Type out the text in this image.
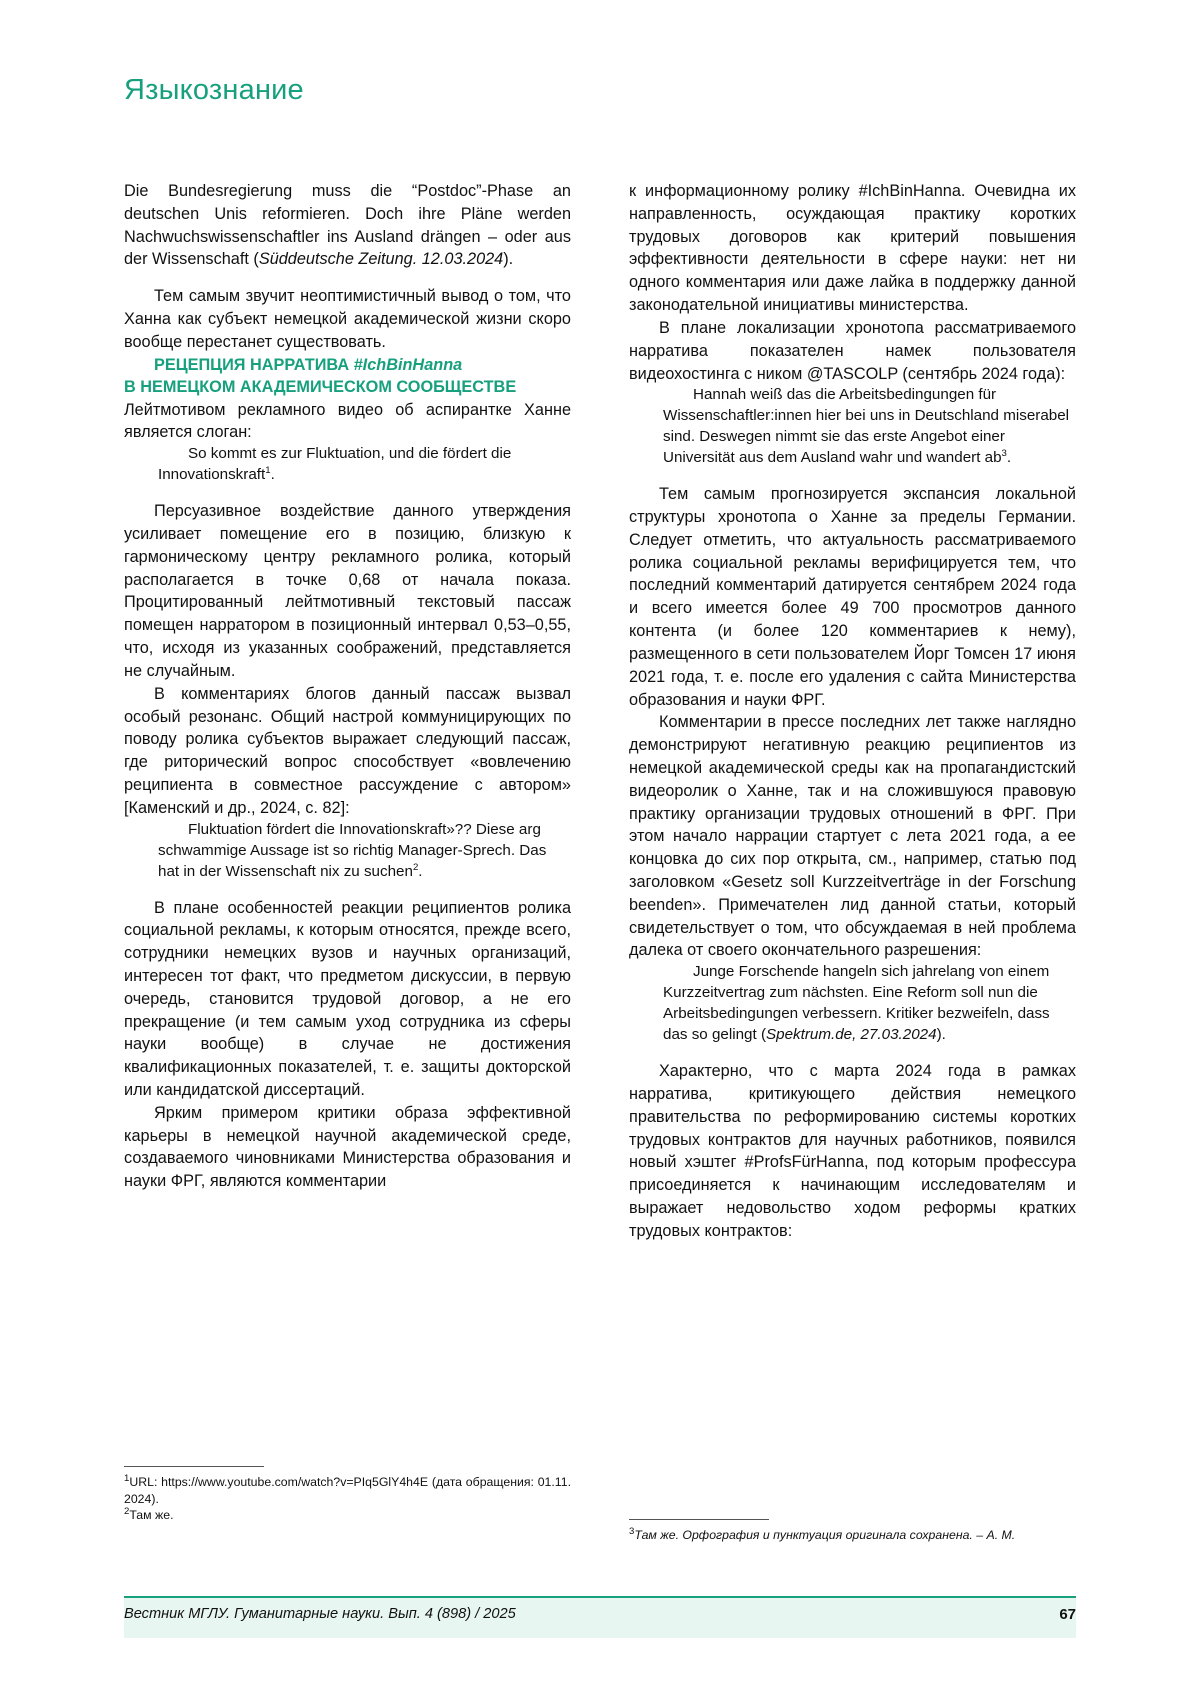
Языкознание

Die Bundesregierung muss die “Postdoc”-Phase an deutschen Unis reformieren. Doch ihre Pläne werden Nachwuchswissenschaftler ins Ausland drängen – oder aus der Wissenschaft (Süddeutsche Zeitung. 12.03.2024).

Тем самым звучит неоптимистичный вывод о том, что Ханна как субъект немецкой академической жизни скоро вообще перестанет существовать.

РЕЦЕПЦИЯ НАРРАТИВА #IchBinHanna
В НЕМЕЦКОМ АКАДЕМИЧЕСКОМ СООБЩЕСТВЕ

Лейтмотивом рекламного видео об аспирантке Ханне является слоган:

So kommt es zur Fluktuation, und die fördert die Innovationskraft$^1$.

Персуазивное воздействие данного утверждения усиливает помещение его в позицию, близкую к гармоническому центру рекламного ролика, который располагается в точке 0,68 от начала показа. Процитированный лейтмотивный текстовый пассаж помещен нарратором в позиционный интервал 0,53–0,55, что, исходя из указанных соображений, представляется не случайным.

В комментариях блогов данный пассаж вызвал особый резонанс. Общий настрой коммуницирующих по поводу ролика субъектов выражает следующий пассаж, где риторический вопрос способствует «вовлечению реципиента в совместное рассуждение с автором» [Каменский и др., 2024, с. 82]:

Fluktuation fördert die Innovationskraft»?? Diese arg schwammige Aussage ist so richtig Manager-Sprech. Das hat in der Wissenschaft nix zu suchen$^2$.

В плане особенностей реакции реципиентов ролика социальной рекламы, к которым относятся, прежде всего, сотрудники немецких вузов и научных организаций, интересен тот факт, что предметом дискуссии, в первую очередь, становится трудовой договор, а не его прекращение (и тем самым уход сотрудника из сферы науки вообще) в случае не достижения квалификационных показателей, т. е. защиты докторской или кандидатской диссертаций.

Ярким примером критики образа эффективной карьеры в немецкой научной академической среде, создаваемого чиновниками Министерства образования и науки ФРГ, являются комментарии

к информационному ролику #IchBinHanna. Очевидна их направленность, осуждающая практику коротких трудовых договоров как критерий повышения эффективности деятельности в сфере науки: нет ни одного комментария или даже лайка в поддержку данной законодательной инициативы министерства.

В плане локализации хронотопа рассматриваемого нарратива показателен намек пользователя видеохостинга с ником @TASCOLP (сентябрь 2024 года):

Hannah weiß das die Arbeitsbedingungen für Wissenschaftler:innen hier bei uns in Deutschland miserabel sind. Deswegen nimmt sie das erste Angebot einer Universität aus dem Ausland wahr und wandert $ab^3$.

Тем самым прогнозируется экспансия локальной структуры хронотопа о Ханне за пределы Германии. Следует отметить, что актуальность рассматриваемого ролика социальной рекламы верифицируется тем, что последний комментарий датируется сентябрем 2024 года и всего имеется более 49 700 просмотров данного контента (и более 120 комментариев к нему), размещенного в сети пользователем Йорг Томсен 17 июня 2021 года, т. е. после его удаления с сайта Министерства образования и науки ФРГ.

Комментарии в прессе последних лет также наглядно демонстрируют негативную реакцию реципиентов из немецкой академической среды как на пропагандистский видеоролик о Ханне, так и на сложившуюся правовую практику организации трудовых отношений в ФРГ. При этом начало наррации стартует с лета 2021 года, а ее концовка до сих пор открыта, см., например, статью под заголовком «Gesetz soll Kurzzeitverträge in der Forschung beenden». Примечателен лид данной статьи, который свидетельствует о том, что обсуждаемая в ней проблема далека от своего окончательного разрешения:

Junge Forschende hangeln sich jahrelang von einem Kurzzeitvertrag zum nächsten. Eine Reform soll nun die Arbeitsbedingungen verbessern. Kritiker bezweifeln, dass das so gelingt (Spektrum.de, 27.03.2024).

Характерно, что с марта 2024 года в рамках нарратива, критикующего действия немецкого правительства по реформированию системы коротких трудовых контрактов для научных работников, появился новый хэштег #ProfsFürHanna, под которым профессура присоединяется к начинающим исследователям и выражает недовольство ходом реформы кратких трудовых контрактов:

$^1$URL: https://www.youtube.com/watch?v=PIq5GlY4h4E (дата обращения: 01.11. 2024).
$^2$Там же.
$^3$Там же. Орфография и пунктуация оригинала сохранена. – А. М.
Вестник МГЛУ. Гуманитарные науки. Вып. 4 (898) / 2025	67
